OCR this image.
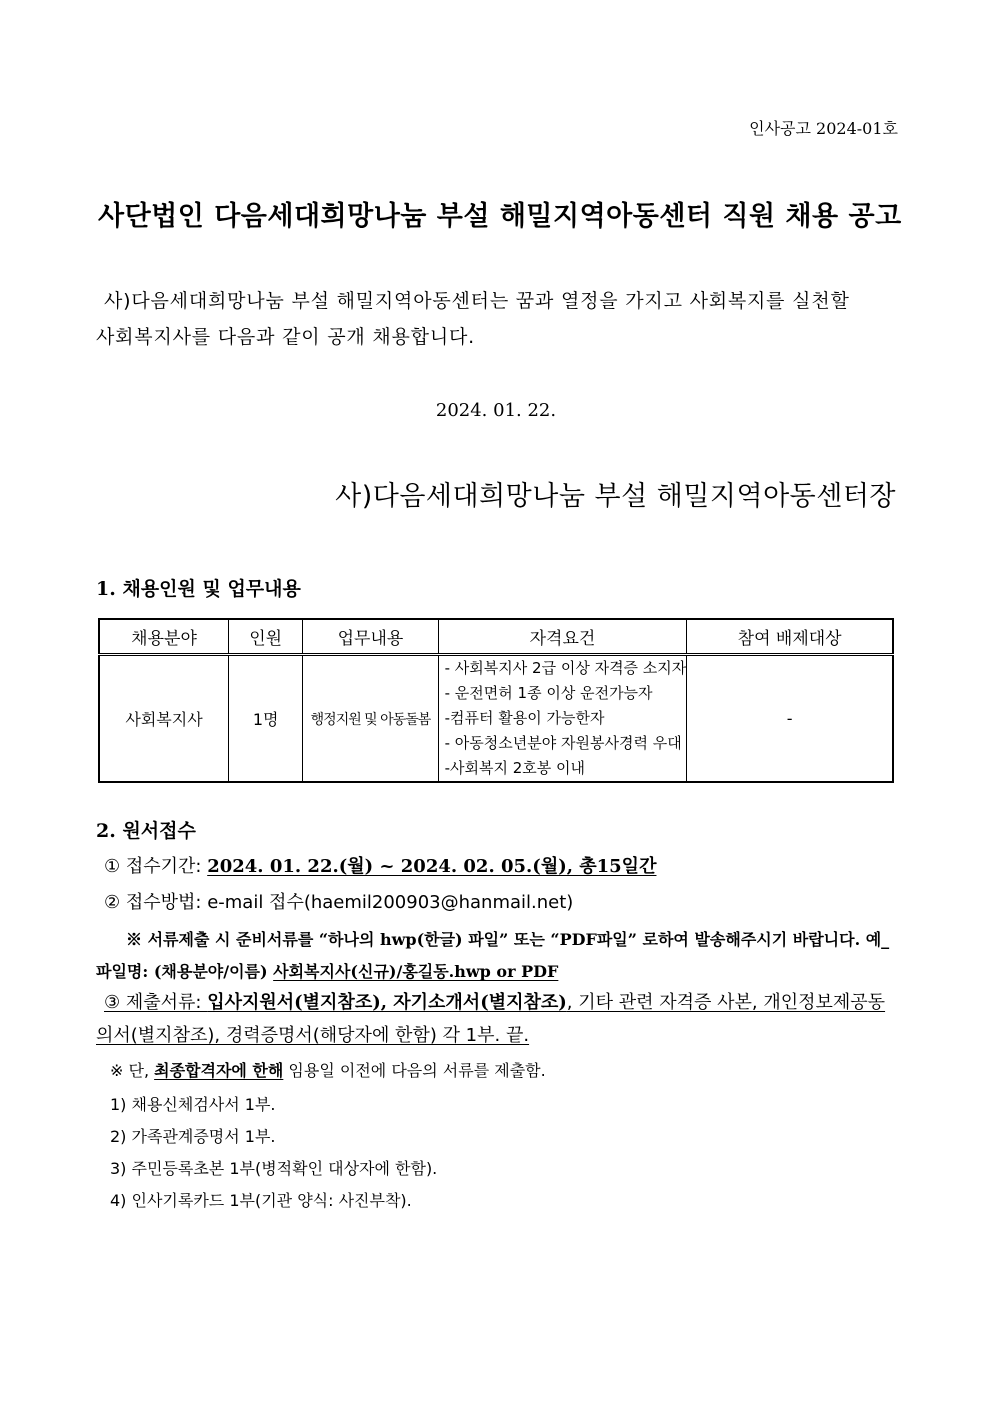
인사공고 2024-01호
사단법인 다음세대희망나눔 부설 해밀지역아동센터 직원 채용 공고
사)다음세대희망나눔 부설 해밀지역아동센터는 꿈과 열정을 가지고 사회복지를 실천할
사회복지사를 다음과 같이 공개 채용합니다.
2024. 01. 22.
사)다음세대희망나눔 부설 해밀지역아동센터장
1. 채용인원 및 업무내용
채용분야	인원	업무내용	자격요건	참여 배제대상
사회복지사	1명	행정지원 및 아동돌봄	- 사회복지사 2급 이상 자격증 소지자
- 운전면허 1종 이상 운전가능자
-컴퓨터 활용이 가능한자
- 아동청소년분야 자원봉사경력 우대
-사회복지 2호봉 이내	-
2. 원서접수
① 접수기간: 2024. 01. 22.(월) ~ 2024. 02. 05.(월), 총15일간
② 접수방법: e-mail 접수(haemil200903@hanmail.net)
※ 서류제출 시 준비서류를 “하나의 hwp(한글) 파일” 또는 “PDF파일” 로하여 발송해주시기 바랍니다. 예_파일명: (채용분야/이름) 사회복지사(신규)/홍길동.hwp or PDF
③ 제출서류: 입사지원서(별지참조), 자기소개서(별지참조), 기타 관련 자격증 사본, 개인정보제공동의서(별지참조), 경력증명서(해당자에 한함) 각 1부. 끝.
※ 단, 최종합격자에 한해 임용일 이전에 다음의 서류를 제출함.
1) 채용신체검사서 1부.
2) 가족관계증명서 1부.
3) 주민등록초본 1부(병적확인 대상자에 한함).
4) 인사기록카드 1부(기관 양식: 사진부착).
